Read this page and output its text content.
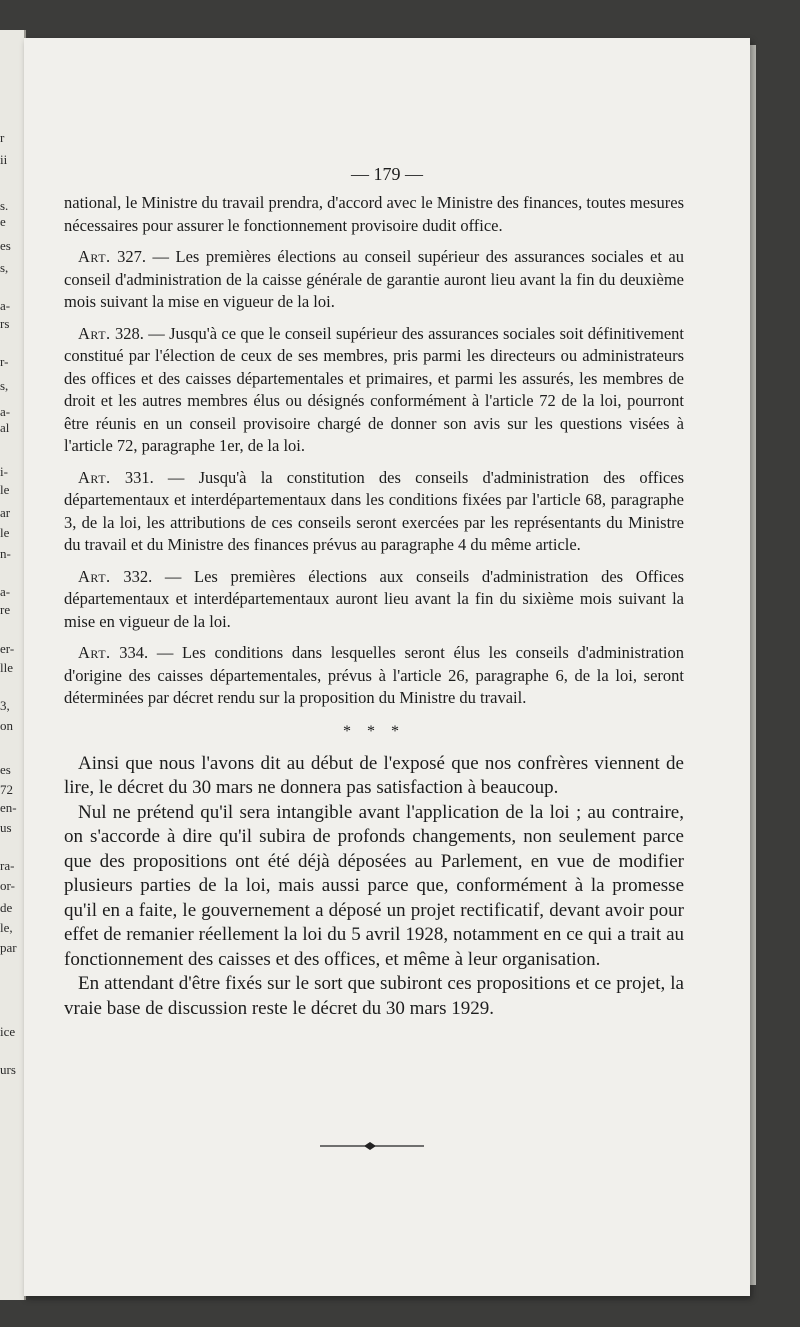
r
ii
s.
e
es
s,
a-
rs
r-
s,
a-
al
i-
le
ar
le
n-
a-
re
er-
lle
3,
on
es
72
en-
us
ra-
or-
de
le,
par
ice
urs
— 179 —

national, le Ministre du travail prendra, d'accord avec le Ministre des finances, toutes mesures nécessaires pour assurer le fonctionnement provisoire dudit office.

Art. 327. — Les premières élections au conseil supérieur des assurances sociales et au conseil d'administration de la caisse générale de garantie auront lieu avant la fin du deuxième mois suivant la mise en vigueur de la loi.

Art. 328. — Jusqu'à ce que le conseil supérieur des assurances sociales soit définitivement constitué par l'élection de ceux de ses membres, pris parmi les directeurs ou administrateurs des offices et des caisses départementales et primaires, et parmi les assurés, les membres de droit et les autres membres élus ou désignés conformément à l'article 72 de la loi, pourront être réunis en un conseil provisoire chargé de donner son avis sur les questions visées à l'article 72, paragraphe 1er, de la loi.

Art. 331. — Jusqu'à la constitution des conseils d'administration des offices départementaux et interdépartementaux dans les conditions fixées par l'article 68, paragraphe 3, de la loi, les attributions de ces conseils seront exercées par les représentants du Ministre du travail et du Ministre des finances prévus au paragraphe 4 du même article.

Art. 332. — Les premières élections aux conseils d'administration des Offices départementaux et interdépartementaux auront lieu avant la fin du sixième mois suivant la mise en vigueur de la loi.

Art. 334. — Les conditions dans lesquelles seront élus les conseils d'administration d'origine des caisses départementales, prévus à l'article 26, paragraphe 6, de la loi, seront déterminées par décret rendu sur la proposition du Ministre du travail.

* * *

Ainsi que nous l'avons dit au début de l'exposé que nos confrères viennent de lire, le décret du 30 mars ne donnera pas satisfaction à beaucoup.

Nul ne prétend qu'il sera intangible avant l'application de la loi ; au contraire, on s'accorde à dire qu'il subira de profonds changements, non seulement parce que des propositions ont été déjà déposées au Parlement, en vue de modifier plusieurs parties de la loi, mais aussi parce que, conformément à la promesse qu'il en a faite, le gouvernement a déposé un projet rectificatif, devant avoir pour effet de remanier réellement la loi du 5 avril 1928, notamment en ce qui a trait au fonctionnement des caisses et des offices, et même à leur organisation.

En attendant d'être fixés sur le sort que subiront ces propositions et ce projet, la vraie base de discussion reste le décret du 30 mars 1929.
